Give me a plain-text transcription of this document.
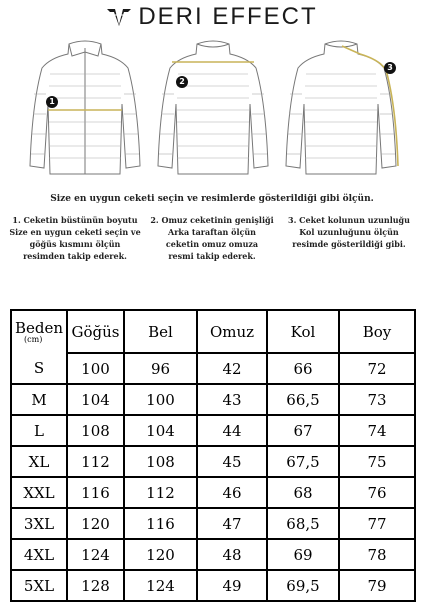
DERI EFFECT
1
2
3
Size en uygun ceketi seçin ve resimlerde gösterildiği gibi ölçün.
1. Ceketin büstünün boyutu
Size en uygun ceketi seçin ve
göğüs kısmını ölçün
resimden takip ederek.
2. Omuz ceketinin genişliği
Arka taraftan ölçün
ceketin omuz omuza
resmi takip ederek.
3. Ceket kolunun uzunluğu
Kol uzunluğunu ölçün
resimde gösterildiği gibi.
Beden
(cm)	Göğüs	Bel	Omuz	Kol	Boy
S	100	96	42	66	72
M	104	100	43	66,5	73
L	108	104	44	67	74
XL	112	108	45	67,5	75
XXL	116	112	46	68	76
3XL	120	116	47	68,5	77
4XL	124	120	48	69	78
5XL	128	124	49	69,5	79
